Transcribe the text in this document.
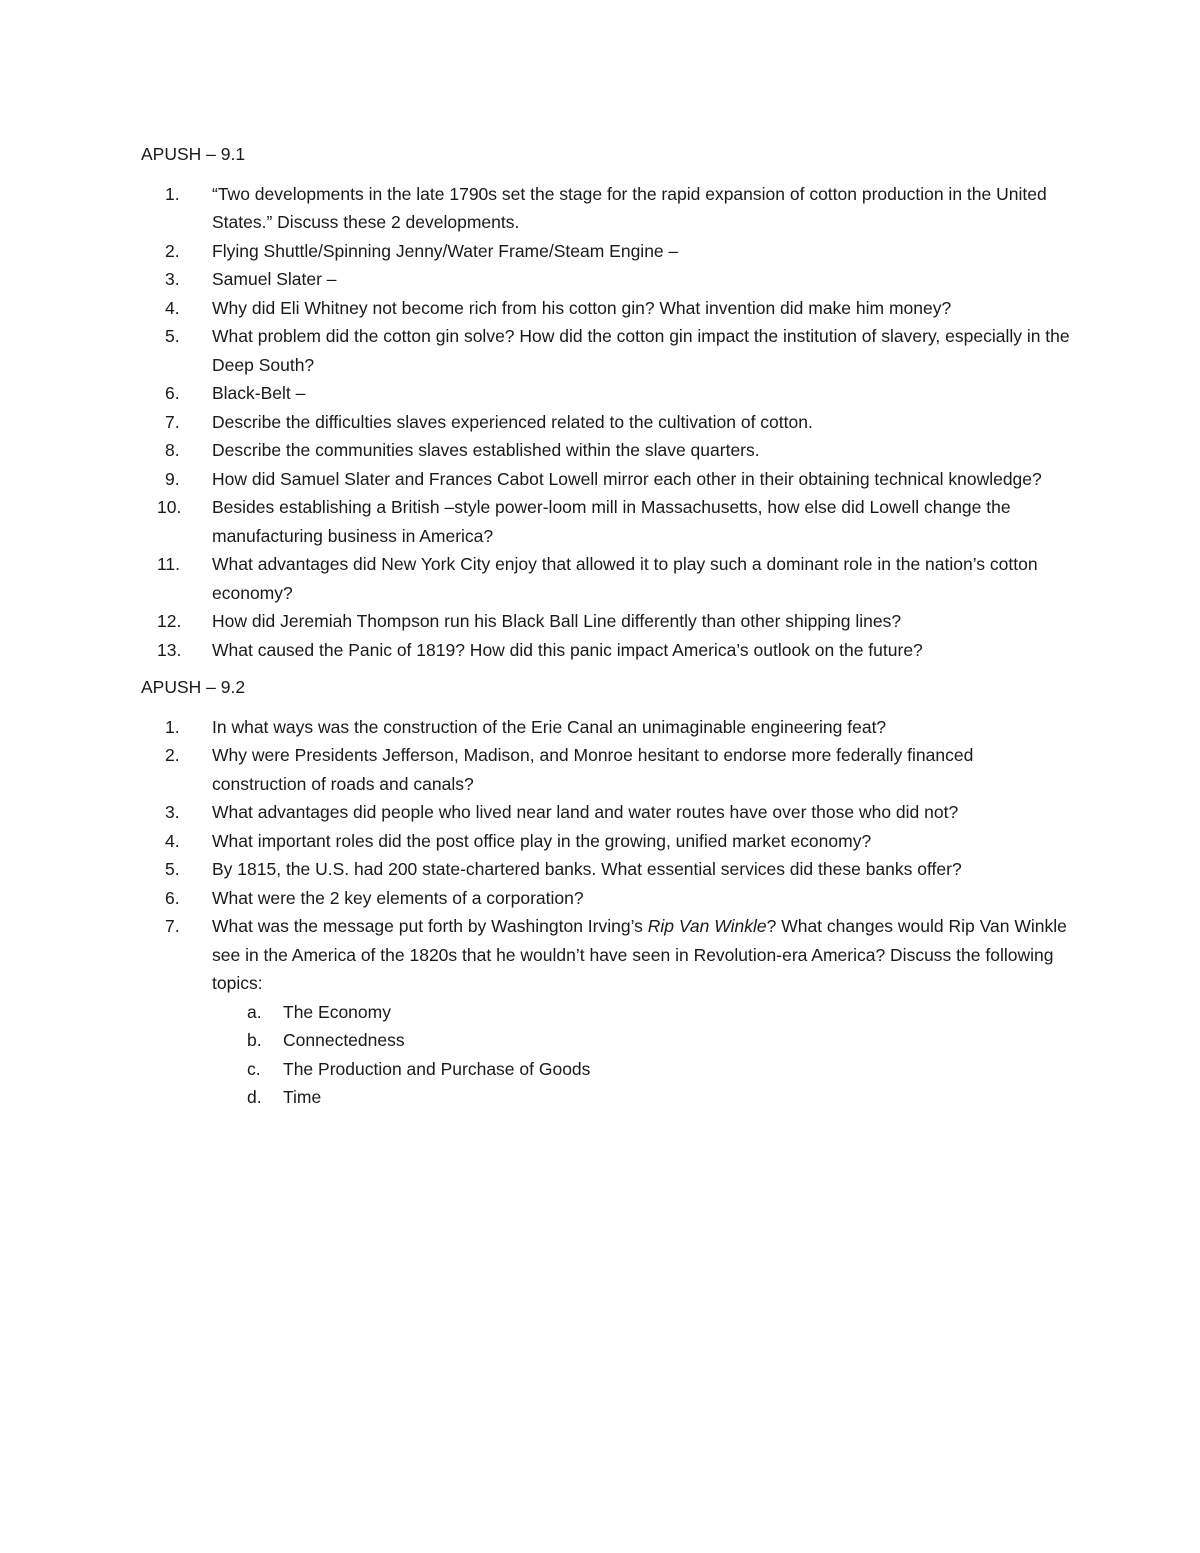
APUSH – 9.1
1.	“Two developments in the late 1790s set the stage for the rapid expansion of cotton production in the United States.” Discuss these 2 developments.
2.	Flying Shuttle/Spinning Jenny/Water Frame/Steam Engine –
3.	Samuel Slater –
4.	Why did Eli Whitney not become rich from his cotton gin? What invention did make him money?
5.	What problem did the cotton gin solve? How did the cotton gin impact the institution of slavery, especially in the Deep South?
6.	Black-Belt –
7.	Describe the difficulties slaves experienced related to the cultivation of cotton.
8.	Describe the communities slaves established within the slave quarters.
9.	How did Samuel Slater and Frances Cabot Lowell mirror each other in their obtaining technical knowledge?
10.	Besides establishing a British –style power-loom mill in Massachusetts, how else did Lowell change the manufacturing business in America?
11.	What advantages did New York City enjoy that allowed it to play such a dominant role in the nation’s cotton economy?
12.	How did Jeremiah Thompson run his Black Ball Line differently than other shipping lines?
13.	What caused the Panic of 1819? How did this panic impact America’s outlook on the future?
APUSH – 9.2
1.	In what ways was the construction of the Erie Canal an unimaginable engineering feat?
2.	Why were Presidents Jefferson, Madison, and Monroe hesitant to endorse more federally financed construction of roads and canals?
3.	What advantages did people who lived near land and water routes have over those who did not?
4.	What important roles did the post office play in the growing, unified market economy?
5.	By 1815, the U.S. had 200 state-chartered banks. What essential services did these banks offer?
6.	What were the 2 key elements of a corporation?
7.	What was the message put forth by Washington Irving’s Rip Van Winkle? What changes would Rip Van Winkle see in the America of the 1820s that he wouldn’t have seen in Revolution-era America? Discuss the following topics:
a.	The Economy
b.	Connectedness
c.	The Production and Purchase of Goods
d.	Time
